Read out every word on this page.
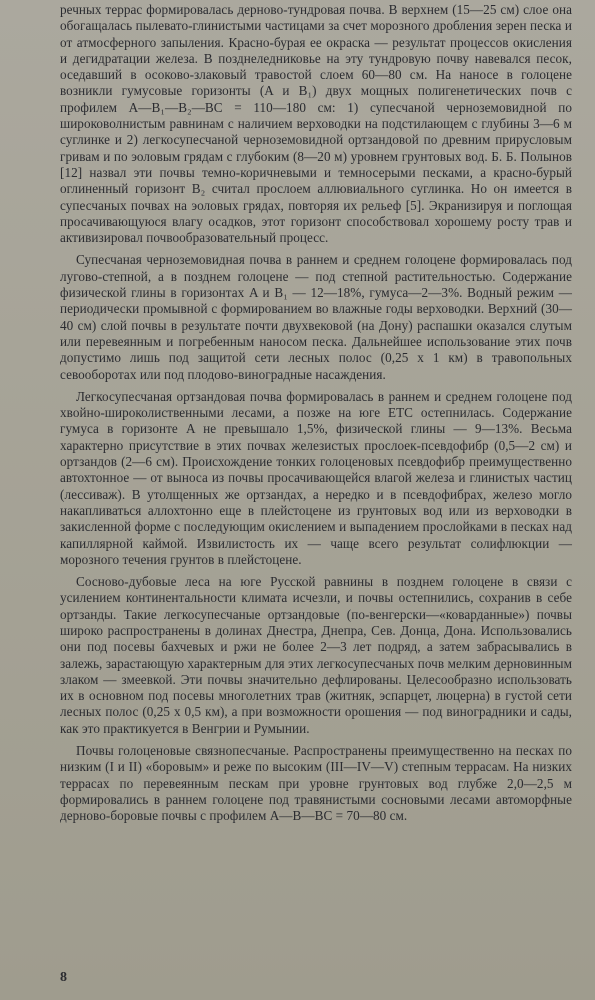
речных террас формировалась дерново-тундровая почва. В верхнем (15—25 см) слое она обогащалась пылевато-глинистыми частицами за счет морозного дробления зерен песка и от атмосферного запыления. Красно-бурая ее окраска — результат процессов окисления и дегидратации железа. В позднеледниковье на эту тундровую почву навевался песок, оседавший в осоково-злаковый травостой слоем 60—80 см. На наносе в голоцене возникли гумусовые горизонты (A и B₁) двух мощных полигенетических почв с профилем A—B₁—B₂—BC = 110—180 см: 1) супесчаной черноземовидной по широковолнистым равнинам с наличием верховодки на подстилающем с глубины 3—6 м суглинке и 2) легкосупесчаной черноземовидной ортзандовой по древним прирусловым гривам и по эоловым грядам с глубоким (8—20 м) уровнем грунтовых вод. Б. Б. Полынов [12] назвал эти почвы темно-коричневыми и темносерыми песками, а красно-бурый оглиненный горизонт B₂ считал прослоем аллювиального суглинка. Но он имеется в супесчаных почвах на эоловых грядах, повторяя их рельеф [5]. Экранизируя и поглощая просачивающуюся влагу осадков, этот горизонт способствовал хорошему росту трав и активизировал почвообразовательный процесс.

Супесчаная черноземовидная почва в раннем и среднем голоцене формировалась под лугово-степной, а в позднем голоцене — под степной растительностью. Содержание физической глины в горизонтах A и B₁ — 12—18%, гумуса—2—3%. Водный режим — периодически промывной с формированием во влажные годы верховодки. Верхний (30—40 см) слой почвы в результате почти двухвековой (на Дону) распашки оказался слутым или перевеянным и погребенным наносом песка. Дальнейшее использование этих почв допустимо лишь под защитой сети лесных полос (0,25 x 1 км) в травопольных севооборотах или под плодово-виноградные насаждения.

Легкосупесчаная ортзандовая почва формировалась в раннем и среднем голоцене под хвойно-широколиственными лесами, а позже на юге ЕТС остепнилась. Содержание гумуса в горизонте A не превышало 1,5%, физической глины — 9—13%. Весьма характерно присутствие в этих почвах железистых прослоек-псевдофибр (0,5—2 см) и ортзандов (2—6 см). Происхождение тонких голоценовых псевдофибр преимущественно автохтонное — от выноса из почвы просачивающейся влагой железа и глинистых частиц (лессиваж). В утолщенных же ортзандах, а нередко и в псевдофибрах, железо могло накапливаться аллохтонно еще в плейстоцене из грунтовых вод или из верховодки в закисленной форме с последующим окислением и выпадением прослойками в песках над капиллярной каймой. Извилистость их — чаще всего результат солифлюкции — морозного течения грунтов в плейстоцене.

Сосново-дубовые леса на юге Русской равнины в позднем голоцене в связи с усилением континентальности климата исчезли, и почвы остепнились, сохранив в себе ортзанды. Такие легкосупесчаные ортзандовые (по-венгерски—«коварданные») почвы широко распространены в долинах Днестра, Днепра, Сев. Донца, Дона. Использовались они под посевы бахчевых и ржи не более 2—3 лет подряд, а затем забрасывались в залежь, зарастающую характерным для этих легкосупесчаных почв мелким дерновинным злаком — змеевкой. Эти почвы значительно дефлированы. Целесообразно использовать их в основном под посевы многолетних трав (житняк, эспарцет, люцерна) в густой сети лесных полос (0,25 x 0,5 км), а при возможности орошения — под виноградники и сады, как это практикуется в Венгрии и Румынии.

Почвы голоценовые связнопесчаные. Распространены преимущественно на песках по низким (I и II) «боровым» и реже по высоким (III—IV—V) степным террасам. На низких террасах по перевеянным пескам при уровне грунтовых вод глубже 2,0—2,5 м формировались в раннем голоцене под травянистыми сосновыми лесами автоморфные дерново-боровые почвы с профилем A—B—BC = 70—80 см.

8
